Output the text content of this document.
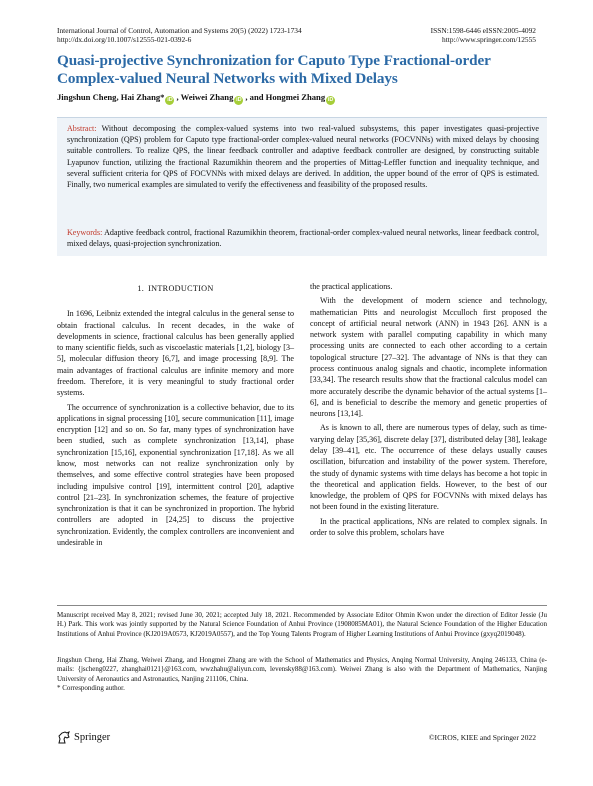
International Journal of Control, Automation and Systems 20(5) (2022) 1723-1734
http://dx.doi.org/10.1007/s12555-021-0392-6
ISSN:1598-6446 eISSN:2005-4092
http://www.springer.com/12555
Quasi-projective Synchronization for Caputo Type Fractional-order
Complex-valued Neural Networks with Mixed Delays
Jingshun Cheng, Hai Zhang* iD , Weiwei Zhang iD , and Hongmei Zhang iD
Abstract: Without decomposing the complex-valued systems into two real-valued subsystems, this paper investigates quasi-projective synchronization (QPS) problem for Caputo type fractional-order complex-valued neural networks (FOCVNNs) with mixed delays by choosing suitable controllers. To realize QPS, the linear feedback controller and adaptive feedback controller are designed, by constructing suitable Lyapunov function, utilizing the fractional Razumikhin theorem and the properties of Mittag-Leffler function and inequality technique, and several sufficient criteria for QPS of FOCVNNs with mixed delays are derived. In addition, the upper bound of the error of QPS is estimated. Finally, two numerical examples are simulated to verify the effectiveness and feasibility of the proposed results.
Keywords: Adaptive feedback control, fractional Razumikhin theorem, fractional-order complex-valued neural networks, linear feedback control, mixed delays, quasi-projection synchronization.
1. INTRODUCTION

In 1696, Leibniz extended the integral calculus in the general sense to obtain fractional calculus. In recent decades, in the wake of developments in science, fractional calculus has been generally applied to many scientific fields, such as viscoelastic materials [1,2], biology [3–5], molecular diffusion theory [6,7], and image processing [8,9]. The main advantages of fractional calculus are infinite memory and more freedom. Therefore, it is very meaningful to study fractional order systems.

The occurrence of synchronization is a collective behavior, due to its applications in signal processing [10], secure communication [11], image encryption [12] and so on. So far, many types of synchronization have been studied, such as complete synchronization [13,14], phase synchronization [15,16], exponential synchronization [17,18]. As we all know, most networks can not realize synchronization only by themselves, and some effective control strategies have been proposed including impulsive control [19], intermittent control [20], adaptive control [21–23]. In synchronization schemes, the feature of projective synchronization is that it can be synchronized in proportion. The hybrid controllers are adopted in [24,25] to discuss the projective synchronization. Evidently, the complex controllers are inconvenient and undesirable in

the practical applications.

With the development of modern science and technology, mathematician Pitts and neurologist Mcculloch first proposed the concept of artificial neural network (ANN) in 1943 [26]. ANN is a network system with parallel computing capability in which many processing units are connected to each other according to a certain topological structure [27–32]. The advantage of NNs is that they can process continuous analog signals and chaotic, incomplete information [33,34]. The research results show that the fractional calculus model can more accurately describe the dynamic behavior of the actual systems [1–6], and is beneficial to describe the memory and genetic properties of neurons [13,14].

As is known to all, there are numerous types of delay, such as time-varying delay [35,36], discrete delay [37], distributed delay [38], leakage delay [39–41], etc. The occurrence of these delays usually causes oscillation, bifurcation and instability of the power system. Therefore, the study of dynamic systems with time delays has become a hot topic in the theoretical and application fields. However, to the best of our knowledge, the problem of QPS for FOCVNNs with mixed delays has not been found in the existing literature.

In the practical applications, NNs are related to complex signals. In order to solve this problem, scholars have

Manuscript received May 8, 2021; revised June 30, 2021; accepted July 18, 2021. Recommended by Associate Editor Ohmin Kwon under the direction of Editor Jessie (Ju H.) Park. This work was jointly supported by the Natural Science Foundation of Anhui Province (1908085MA01), the Natural Science Foundation of the Higher Education Institutions of Anhui Province (KJ2019A0573, KJ2019A0557), and the Top Young Talents Program of Higher Learning Institutions of Anhui Province (gxyq2019048).
Jingshun Cheng, Hai Zhang, Weiwei Zhang, and Hongmei Zhang are with the School of Mathematics and Physics, Anqing Normal University, Anqing 246133, China (e-mails: {jscheng0227, zhanghai0121}@163.com, wwzhahu@aliyun.com, levensky88@163.com). Weiwei Zhang is also with the Department of Mathematics, Nanjing University of Aeronautics and Astronautics, Nanjing 211106, China.
* Corresponding author.
Springer	©ICROS, KIEE and Springer 2022
